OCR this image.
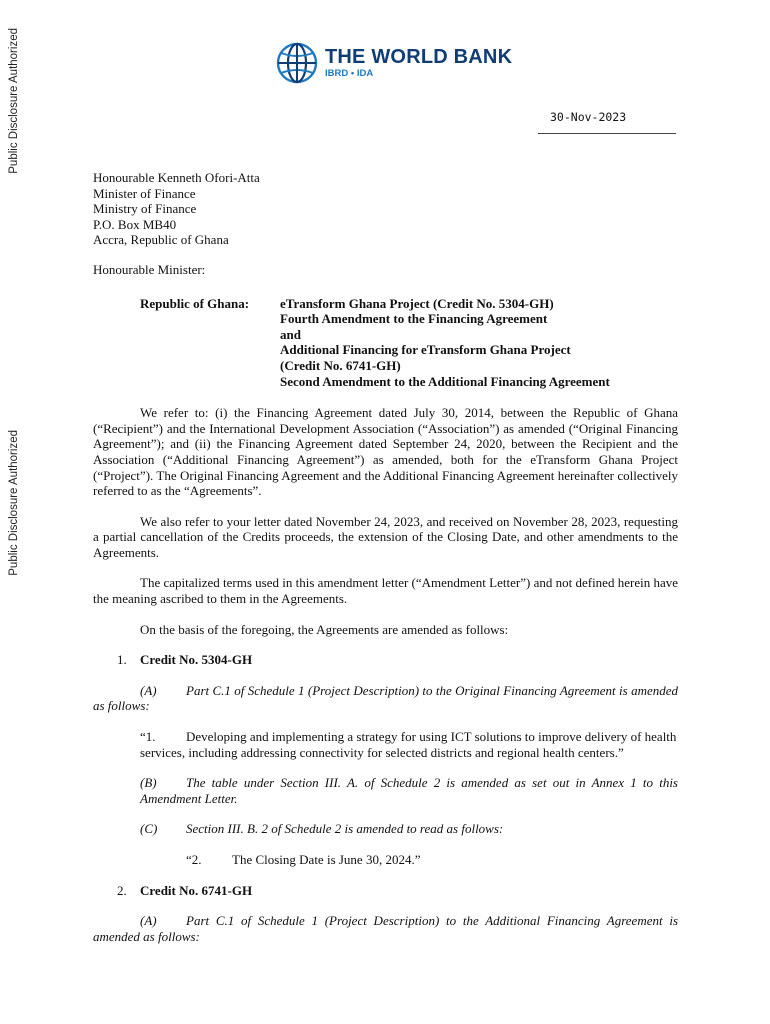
Public Disclosure Authorized
Public Disclosure Authorized
THE WORLD BANK
IBRD • IDA
30-Nov-2023

Honourable Kenneth Ofori-Atta

Minister of Finance

Ministry of Finance

P.O. Box MB40

Accra, Republic of Ghana

Honourable Minister:

Republic of Ghana:	eTransform Ghana Project (Credit No. 5304-GH)
Fourth Amendment to the Financing Agreement
and
Additional Financing for eTransform Ghana Project
(Credit No. 6741-GH)
Second Amendment to the Additional Financing Agreement

We refer to: (i) the Financing Agreement dated July 30, 2014, between the Republic of Ghana (“Recipient”) and the International Development Association (“Association”) as amended (“Original Financing Agreement”); and (ii) the Financing Agreement dated September 24, 2020, between the Recipient and the Association (“Additional Financing Agreement”) as amended, both for the eTransform Ghana Project (“Project”). The Original Financing Agreement and the Additional Financing Agreement hereinafter collectively referred to as the “Agreements”.

We also refer to your letter dated November 24, 2023, and received on November 28, 2023, requesting a partial cancellation of the Credits proceeds, the extension of the Closing Date, and other amendments to the Agreements.

The capitalized terms used in this amendment letter (“Amendment Letter”) and not defined herein have the meaning ascribed to them in the Agreements.

On the basis of the foregoing, the Agreements are amended as follows:

1.	Credit No. 5304-GH

(A) Part C.1 of Schedule 1 (Project Description) to the Original Financing Agreement is amended as follows:

“1. Developing and implementing a strategy for using ICT solutions to improve delivery of health services, including addressing connectivity for selected districts and regional health centers.”

(B) The table under Section III. A. of Schedule 2 is amended as set out in Annex 1 to this Amendment Letter.

(C) Section III. B. 2 of Schedule 2 is amended to read as follows:

“2. The Closing Date is June 30, 2024.”

2.	Credit No. 6741-GH

(A) Part C.1 of Schedule 1 (Project Description) to the Additional Financing Agreement is amended as follows:
